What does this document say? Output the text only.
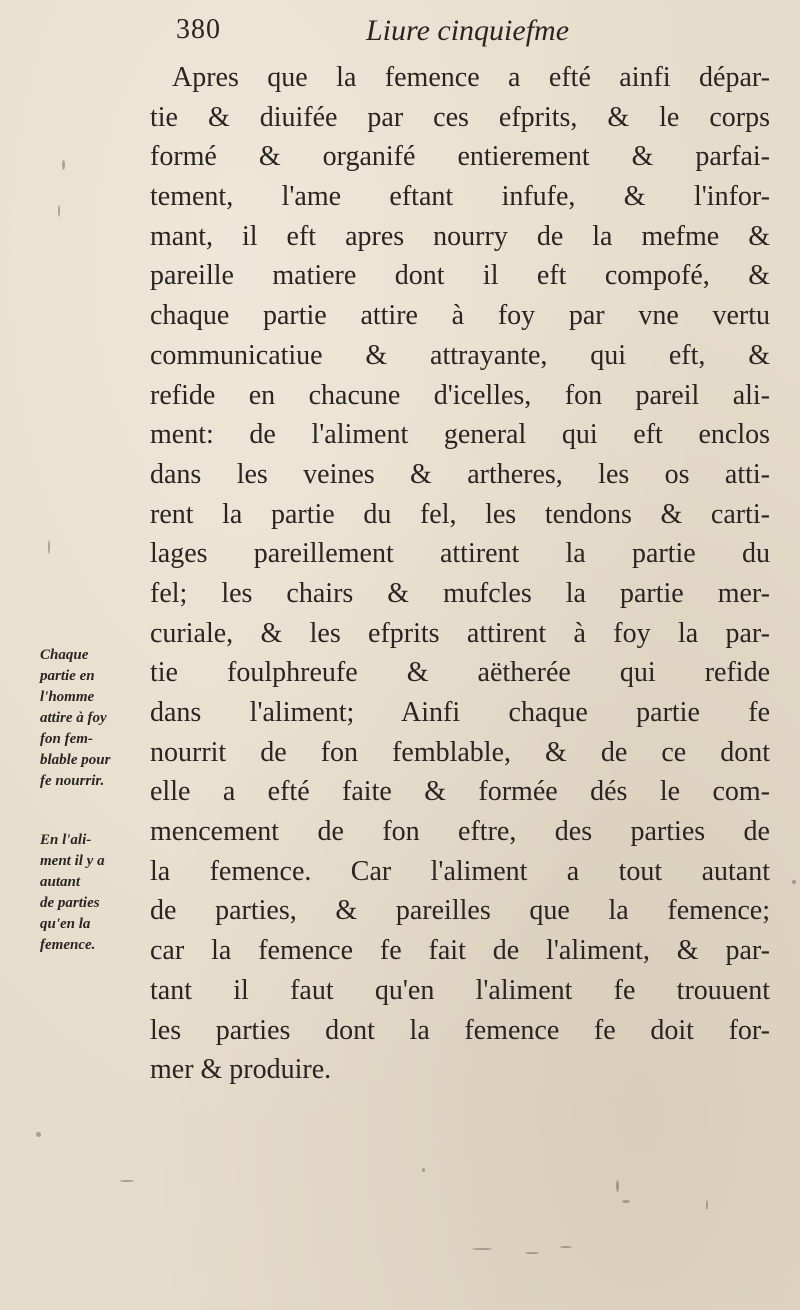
380	Liure cinquiefme
Apres que la femence a efté ainfi dépar-
tie & diuifée par ces efprits, & le corps
formé & organifé entierement & parfai-
tement, l'ame eftant infufe, & l'infor-
mant, il eft apres nourry de la mefme &
pareille matiere dont il eft compofé, &
chaque partie attire à foy par vne vertu
communicatiue & attrayante, qui eft, &
refide en chacune d'icelles, fon pareil ali-
ment: de l'aliment general qui eft enclos
dans les veines & artheres, les os atti-
rent la partie du fel, les tendons & carti-
lages pareillement attirent la partie du
fel; les chairs & mufcles la partie mer-
curiale, & les efprits attirent à foy la par-
tie foulphreufe & aëtherée qui refide
dans l'aliment; Ainfi chaque partie fe
nourrit de fon femblable, & de ce dont
elle a efté faite & formée dés le com-
mencement de fon eftre, des parties de
la femence. Car l'aliment a tout autant
de parties, & pareilles que la femence;
car la femence fe fait de l'aliment, & par-
tant il faut qu'en l'aliment fe trouuent
les parties dont la femence fe doit for-
mer & produire.
Chaque
partie en
l'homme
attire à foy
fon fem-
blable pour
fe nourrir.
En l'ali-
ment il y a
autant
de parties
qu'en la
femence.
